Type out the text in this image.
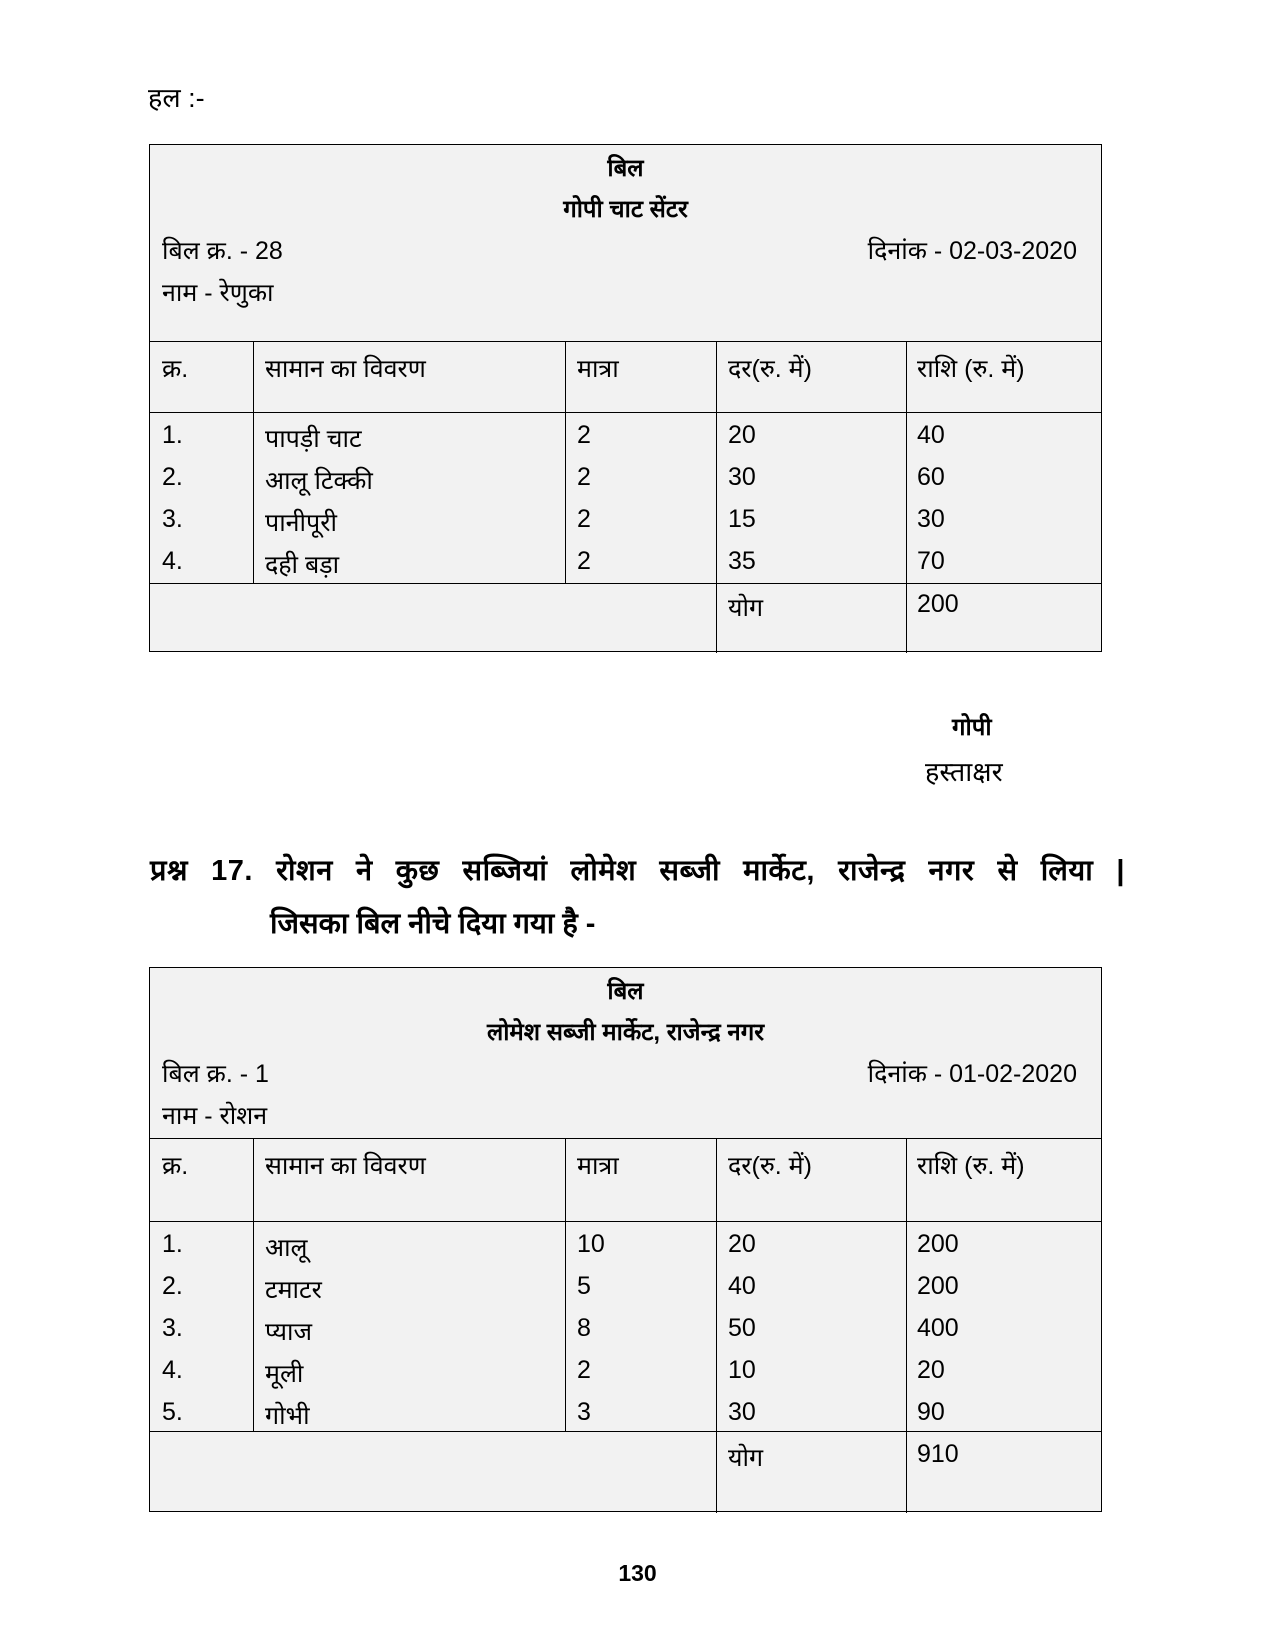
हल :-
बिल
गोपी चाट सेंटर
बिल क्र. - 28	दिनांक - 02-03-2020
नाम - रेणुका
क्र.	सामान का विवरण	मात्रा	दर(रु. में)	राशि (रु. में)
1.	पापड़ी चाट	2	20	40
2.	आलू टिक्की	2	30	60
3.	पानीपूरी	2	15	30
4.	दही बड़ा	2	35	70
योग	200
गोपी
हस्ताक्षर
प्रश्न 17. रोशन ने कुछ सब्जियां लोमेश सब्जी मार्केट, राजेन्द्र नगर से लिया |
जिसका बिल नीचे दिया गया है -
बिल
लोमेश सब्जी मार्केट, राजेन्द्र नगर
बिल क्र. - 1	दिनांक - 01-02-2020
नाम - रोशन
क्र.	सामान का विवरण	मात्रा	दर(रु. में)	राशि (रु. में)
1.	आलू	10	20	200
2.	टमाटर	5	40	200
3.	प्याज	8	50	400
4.	मूली	2	10	20
5.	गोभी	3	30	90
योग	910
130
